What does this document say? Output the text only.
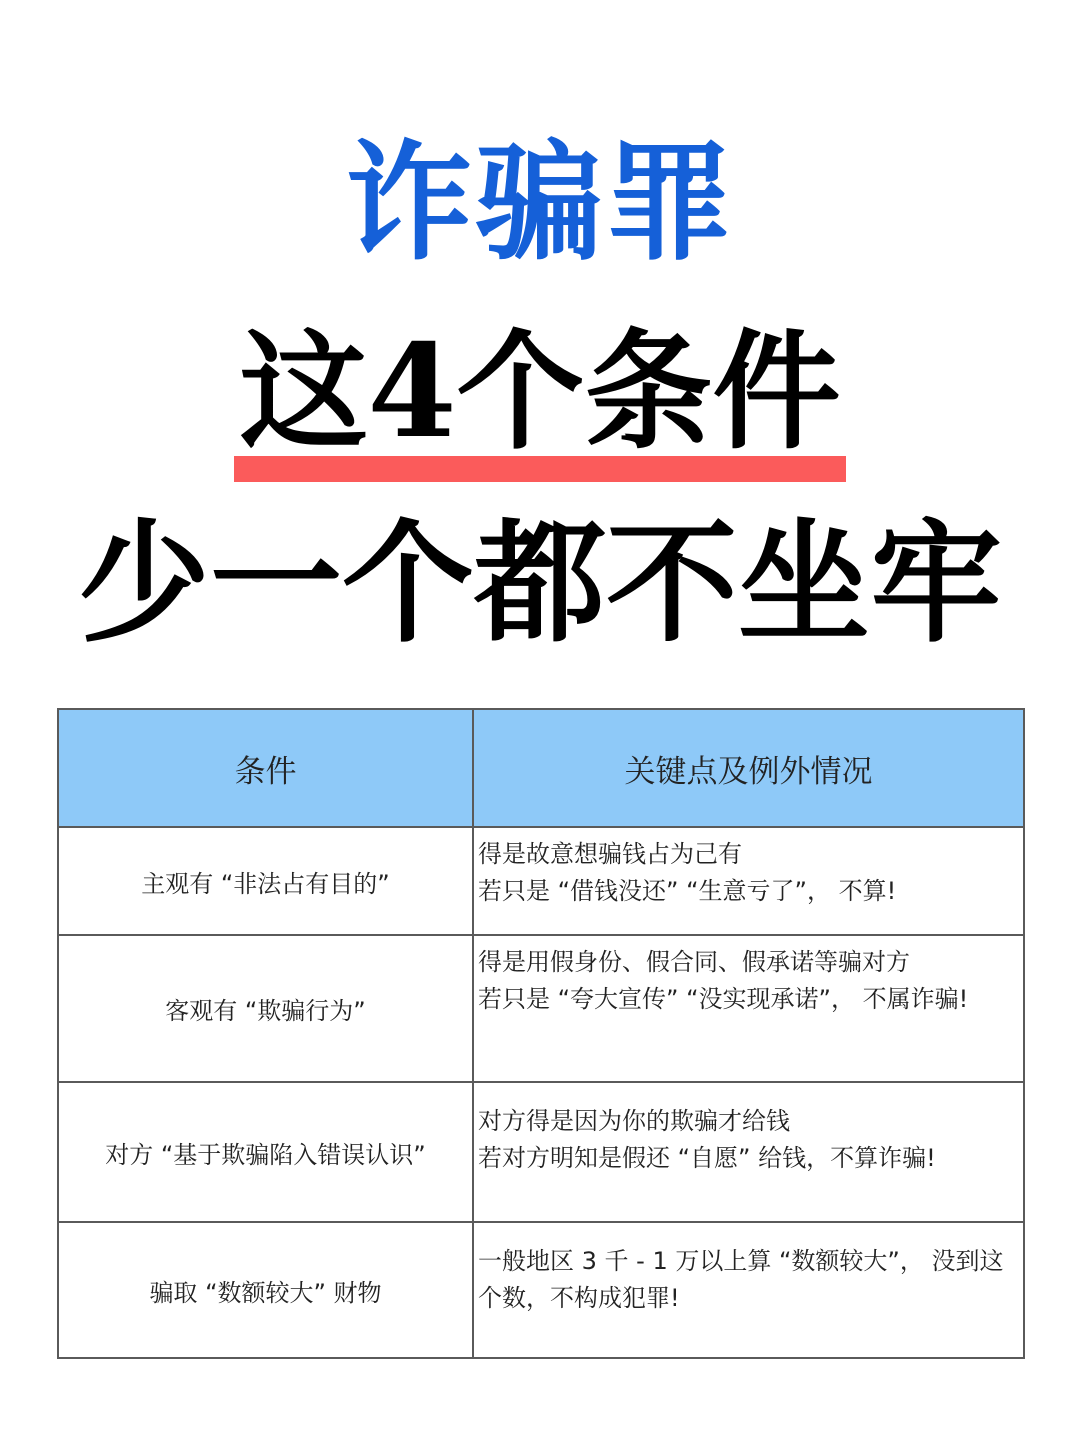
诈骗罪
这4个条件
少一个都不坐牢
条件	关键点及例外情况
主观有 “非法占有目的”	得是故意想骗钱占为己有
若只是 “借钱没还” “生意亏了”， 不算!

客观有 “欺骗行为”	得是用假身份、假合同、假承诺等骗对方
若只是 “夸大宣传” “没实现承诺”， 不属诈骗!

对方 “基于欺骗陷入错误认识”	对方得是因为你的欺骗才给钱
若对方明知是假还 “自愿” 给钱，不算诈骗!

骗取 “数额较大” 财物	一般地区 3 千 - 1 万以上算 “数额较大”， 没到这个数，不构成犯罪!
